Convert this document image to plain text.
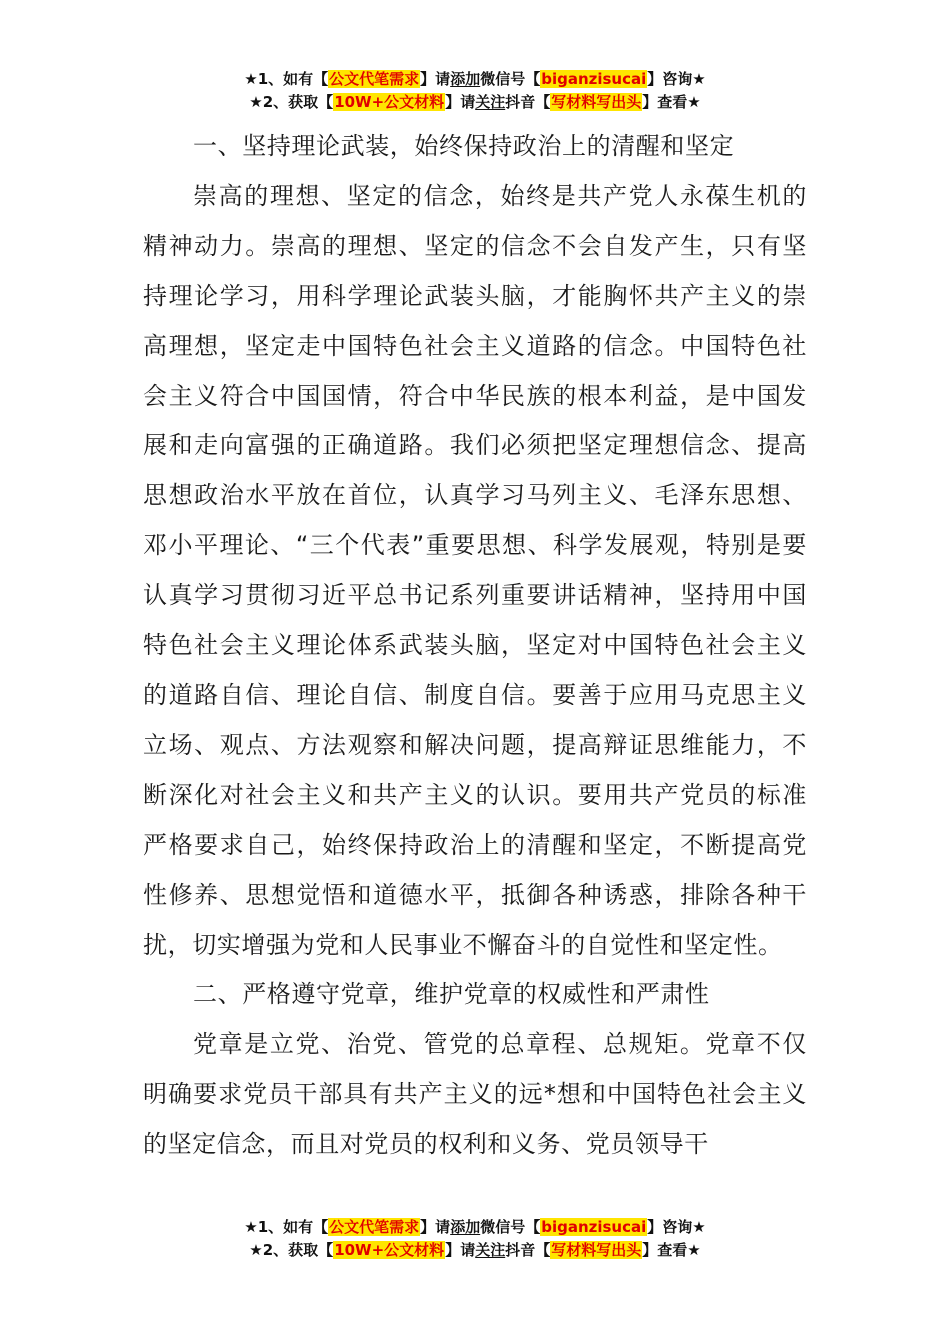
★1、如有【公文代笔需求】请添加微信号【biganzisucai】咨询★
★2、获取【10W+公文材料】请关注抖音【写材料写出头】查看★

一、坚持理论武装，始终保持政治上的清醒和坚定

崇高的理想、坚定的信念，始终是共产党人永葆生机的精神动力。崇高的理想、坚定的信念不会自发产生，只有坚持理论学习，用科学理论武装头脑，才能胸怀共产主义的崇高理想，坚定走中国特色社会主义道路的信念。中国特色社会主义符合中国国情，符合中华民族的根本利益，是中国发展和走向富强的正确道路。我们必须把坚定理想信念、提高思想政治水平放在首位，认真学习马列主义、毛泽东思想、邓小平理论、“三个代表”重要思想、科学发展观，特别是要认真学习贯彻习近平总书记系列重要讲话精神，坚持用中国特色社会主义理论体系武装头脑，坚定对中国特色社会主义的道路自信、理论自信、制度自信。要善于应用马克思主义立场、观点、方法观察和解决问题，提高辩证思维能力，不断深化对社会主义和共产主义的认识。要用共产党员的标准严格要求自己，始终保持政治上的清醒和坚定，不断提高党性修养、思想觉悟和道德水平，抵御各种诱惑，排除各种干扰，切实增强为党和人民事业不懈奋斗的自觉性和坚定性。

二、严格遵守党章，维护党章的权威性和严肃性

党章是立党、治党、管党的总章程、总规矩。党章不仅明确要求党员干部具有共产主义的远*想和中国特色社会主义的坚定信念，而且对党员的权利和义务、党员领导干

★1、如有【公文代笔需求】请添加微信号【biganzisucai】咨询★
★2、获取【10W+公文材料】请关注抖音【写材料写出头】查看★
